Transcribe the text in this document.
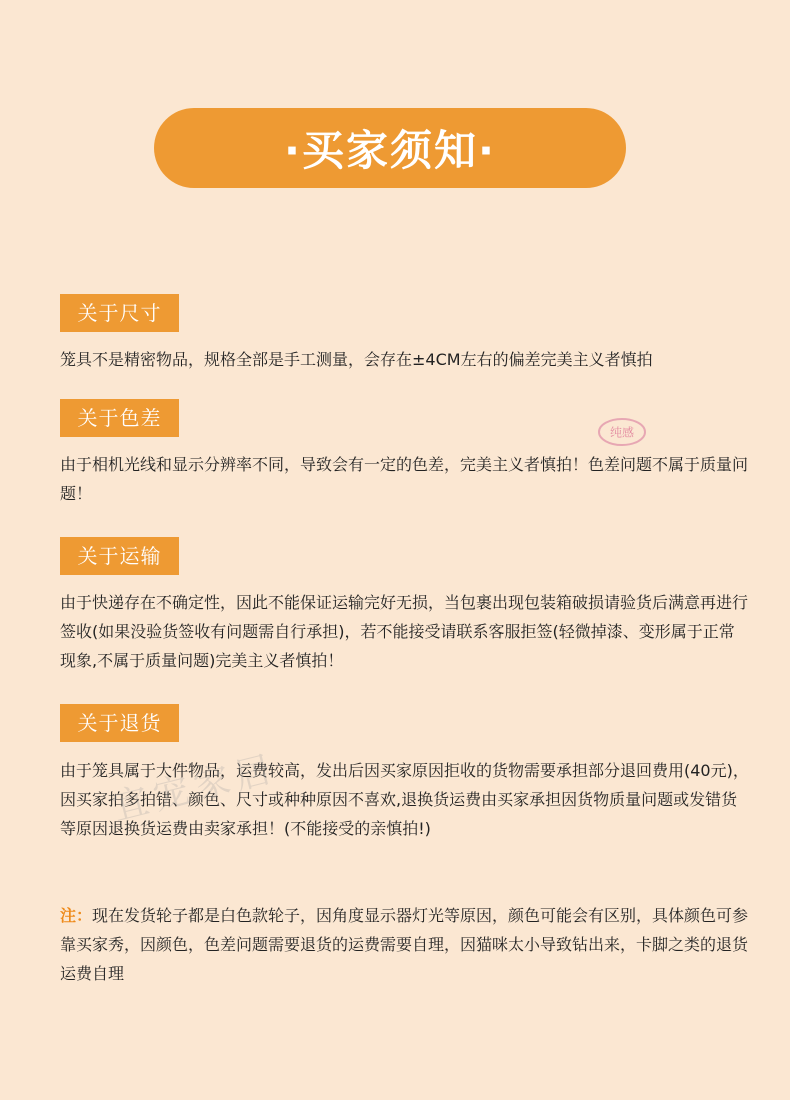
·买家须知·
关于尺寸
笼具不是精密物品，规格全部是手工测量，会存在±4CM左右的偏差完美主义者慎拍
关于色差
由于相机光线和显示分辨率不同，导致会有一定的色差，完美主义者慎拍！色差问题不属于质量问题！
关于运输
由于快递存在不确定性，因此不能保证运输完好无损，当包裹出现包装箱破损请验货后满意再进行签收(如果没验货签收有问题需自行承担)，若不能接受请联系客服拒签(轻微掉漆、变形属于正常现象,不属于质量问题)完美主义者慎拍！
关于退货
由于笼具属于大件物品，运费较高，发出后因买家原因拒收的货物需要承担部分退回费用(40元)，因买家拍多拍错、颜色、尺寸或种种原因不喜欢,退换货运费由买家承担因货物质量问题或发错货等原因退换货运费由卖家承担！(不能接受的亲慎拍!)
注：现在发货轮子都是白色款轮子，因角度显示器灯光等原因，颜色可能会有区别，具体颜色可参靠买家秀，因颜色，色差问题需要退货的运费需要自理，因猫咪太小导致钻出来，卡脚之类的退货运费自理
纯感
宜宠家居
